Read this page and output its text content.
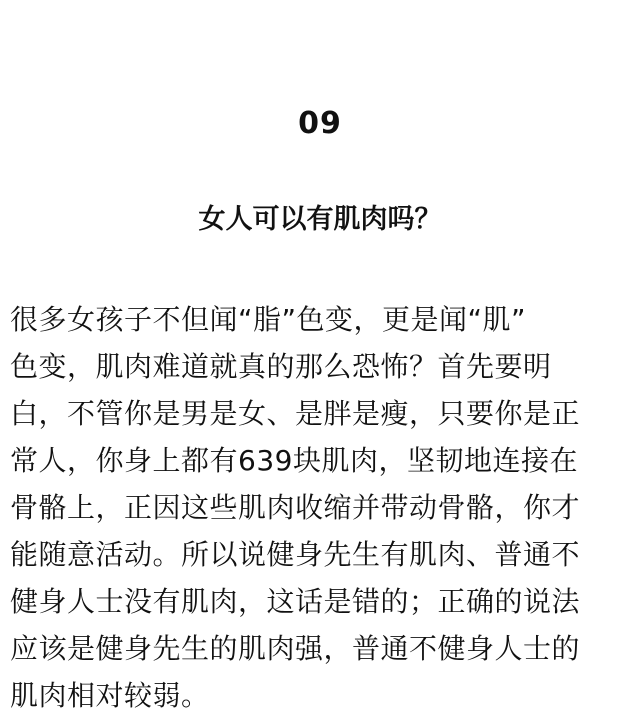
09
女人可以有肌肉吗？
很多女孩子不但闻“脂”色变，更是闻“肌”
色变，肌肉难道就真的那么恐怖？首先要明
白，不管你是男是女、是胖是瘦，只要你是正
常人，你身上都有639块肌肉，坚韧地连接在
骨骼上，正因这些肌肉收缩并带动骨骼，你才
能随意活动。所以说健身先生有肌肉、普通不
健身人士没有肌肉，这话是错的；正确的说法
应该是健身先生的肌肉强，普通不健身人士的
肌肉相对较弱。
